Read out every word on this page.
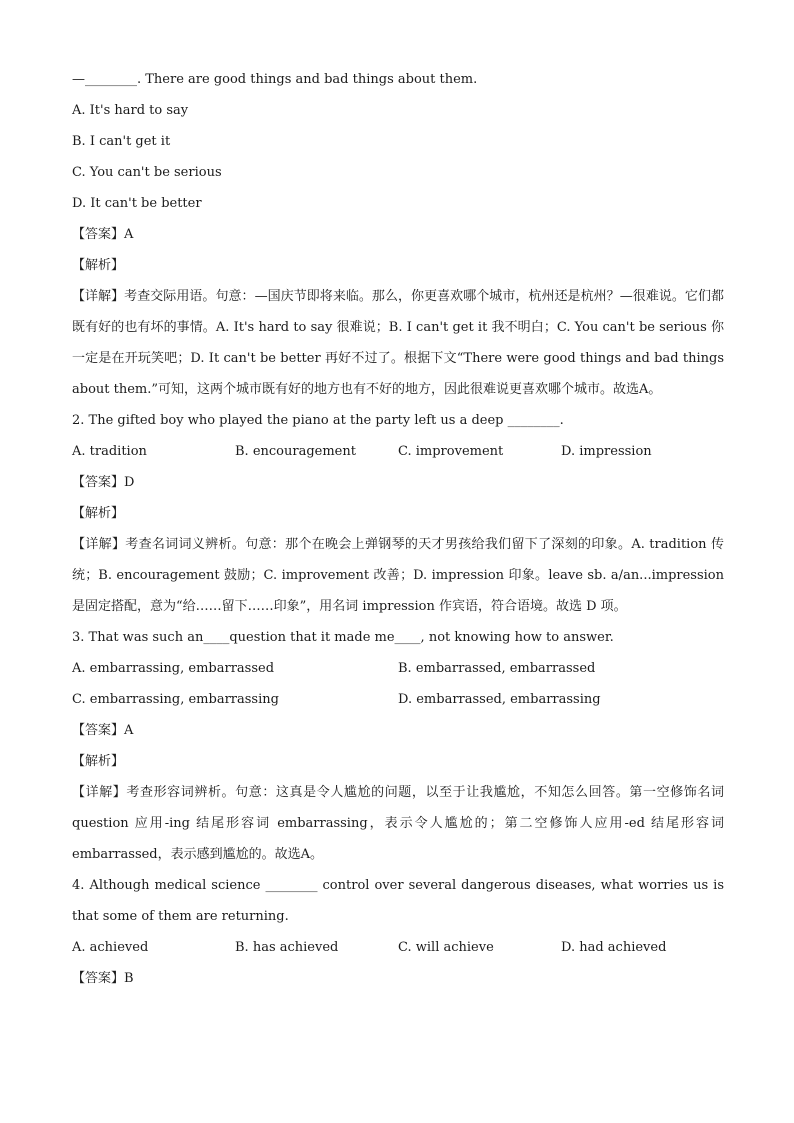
—________. There are good things and bad things about them.
A. It's hard to say
B. I can't get it
C. You can't be serious
D. It can't be better
【答案】A
【解析】
【详解】考查交际用语。句意：—国庆节即将来临。那么，你更喜欢哪个城市，杭州还是杭州？—很难说。它们都既有好的也有坏的事情。A. It's hard to say 很难说；B. I can't get it 我不明白；C. You can't be serious 你一定是在开玩笑吧；D. It can't be better 再好不过了。根据下文“There were good things and bad things about them.”可知，这两个城市既有好的地方也有不好的地方，因此很难说更喜欢哪个城市。故选A。
2. The gifted boy who played the piano at the party left us a deep ________.
A. tradition	B. encouragement	C. improvement	D. impression
【答案】D
【解析】
【详解】考查名词词义辨析。句意：那个在晚会上弹钢琴的天才男孩给我们留下了深刻的印象。A. tradition 传统；B. encouragement 鼓励；C. improvement 改善；D. impression 印象。leave sb. a/an...impression 是固定搭配，意为“给……留下……印象”，用名词 impression 作宾语，符合语境。故选 D 项。
3. That was such an____question that it made me____, not knowing how to answer.
A. embarrassing, embarrassed	B. embarrassed, embarrassed
C. embarrassing, embarrassing	D. embarrassed, embarrassing
【答案】A
【解析】
【详解】考查形容词辨析。句意：这真是令人尴尬的问题，以至于让我尴尬，不知怎么回答。第一空修饰名词 question 应用-ing 结尾形容词 embarrassing，表示令人尴尬的；第二空修饰人应用-ed 结尾形容词 embarrassed，表示感到尴尬的。故选A。
4. Although medical science ________ control over several dangerous diseases, what worries us is that some of them are returning.
A. achieved	B. has achieved	C. will achieve	D. had achieved
【答案】B
